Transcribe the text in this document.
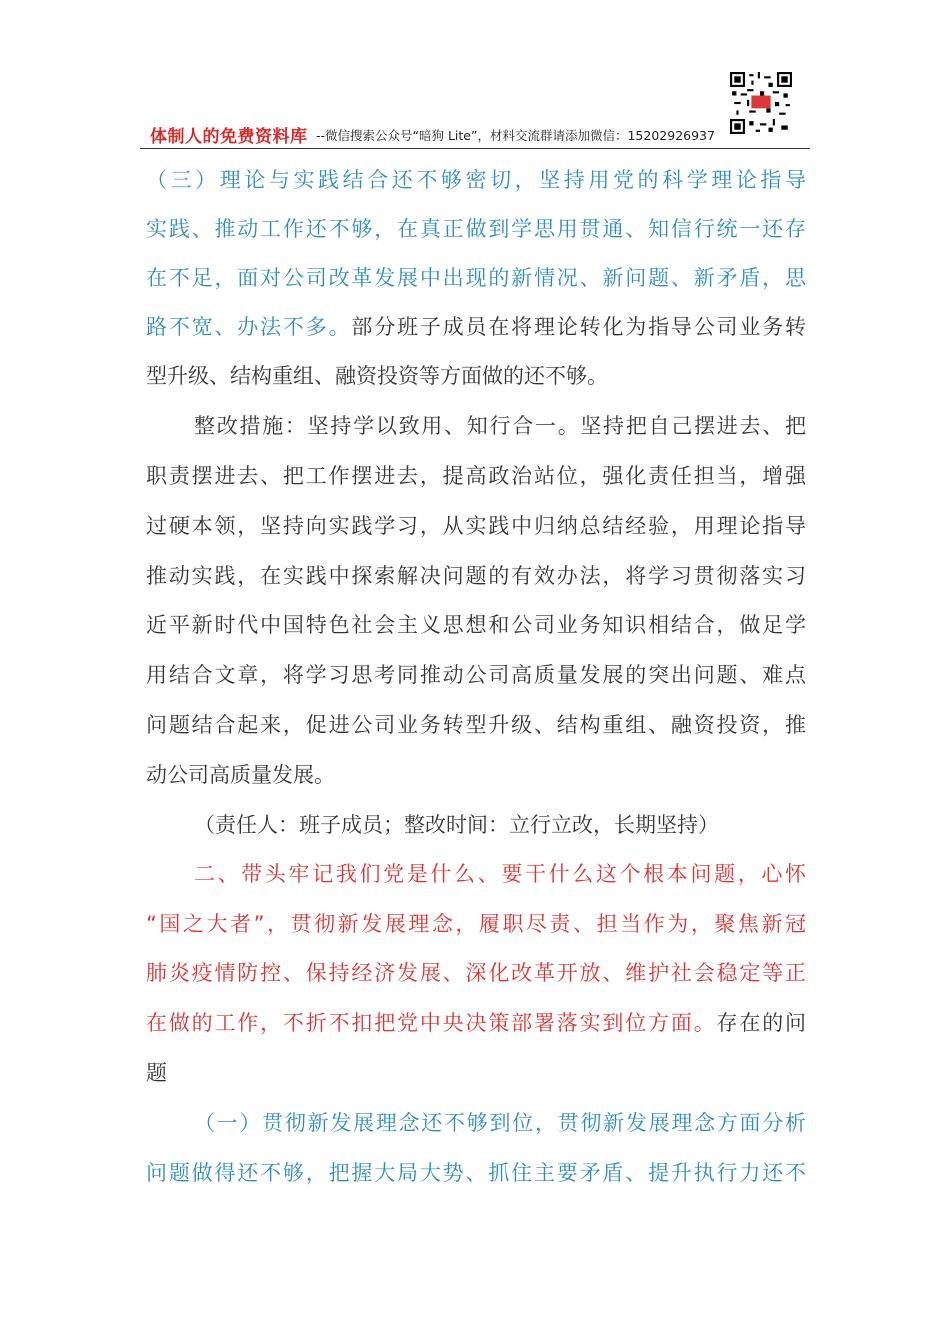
体制人的免费资料库 --微信搜索公众号“暗狗 Lite”，材料交流群请添加微信：15202926937
（三）理论与实践结合还不够密切，坚持用党的科学理论指导
实践、推动工作还不够，在真正做到学思用贯通、知信行统一还存
在不足，面对公司改革发展中出现的新情况、新问题、新矛盾，思
路不宽、办法不多。部分班子成员在将理论转化为指导公司业务转
型升级、结构重组、融资投资等方面做的还不够。
整改措施：坚持学以致用、知行合一。坚持把自己摆进去、把
职责摆进去、把工作摆进去，提高政治站位，强化责任担当，增强
过硬本领，坚持向实践学习，从实践中归纳总结经验，用理论指导
推动实践，在实践中探索解决问题的有效办法，将学习贯彻落实习
近平新时代中国特色社会主义思想和公司业务知识相结合，做足学
用结合文章，将学习思考同推动公司高质量发展的突出问题、难点
问题结合起来，促进公司业务转型升级、结构重组、融资投资，推
动公司高质量发展。
（责任人：班子成员；整改时间：立行立改，长期坚持）
二、带头牢记我们党是什么、要干什么这个根本问题，心怀
“国之大者”，贯彻新发展理念，履职尽责、担当作为，聚焦新冠
肺炎疫情防控、保持经济发展、深化改革开放、维护社会稳定等正
在做的工作，不折不扣把党中央决策部署落实到位方面。存在的问
题
（一）贯彻新发展理念还不够到位，贯彻新发展理念方面分析
问题做得还不够，把握大局大势、抓住主要矛盾、提升执行力还不
